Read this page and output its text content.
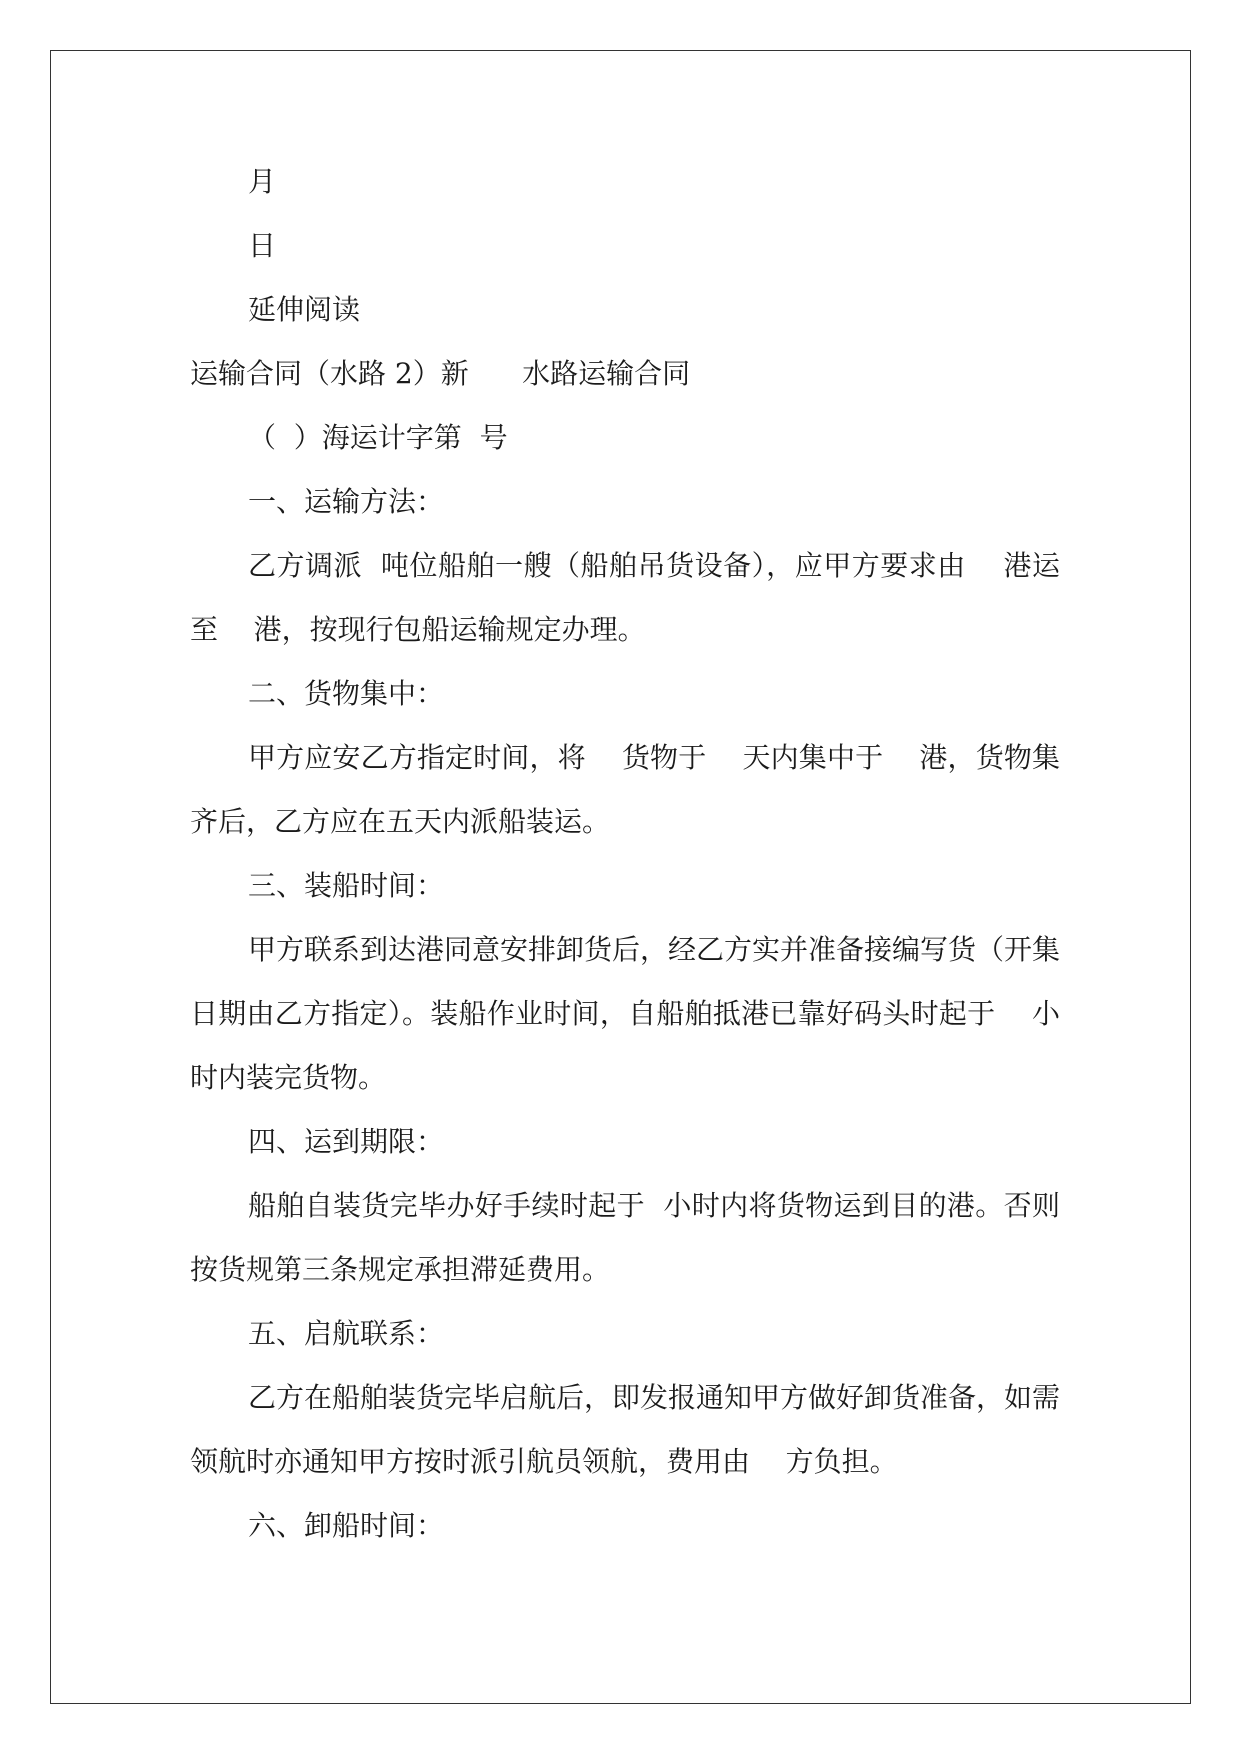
月

日

延伸阅读

运输合同（水路 2）新      水路运输合同

（  ）海运计字第  号

一、运输方法：

乙方调派  吨位船舶一艘（船舶吊货设备），应甲方要求由    港运至    港，按现行包船运输规定办理。

二、货物集中：

甲方应安乙方指定时间，将    货物于    天内集中于    港，货物集齐后，乙方应在五天内派船装运。

三、装船时间：

甲方联系到达港同意安排卸货后，经乙方实并准备接编写货（开集日期由乙方指定）。装船作业时间，自船舶抵港已靠好码头时起于    小时内装完货物。

四、运到期限：

船舶自装货完毕办好手续时起于  小时内将货物运到目的港。否则按货规第三条规定承担滞延费用。

五、启航联系：

乙方在船舶装货完毕启航后，即发报通知甲方做好卸货准备，如需领航时亦通知甲方按时派引航员领航，费用由    方负担。

六、卸船时间：
